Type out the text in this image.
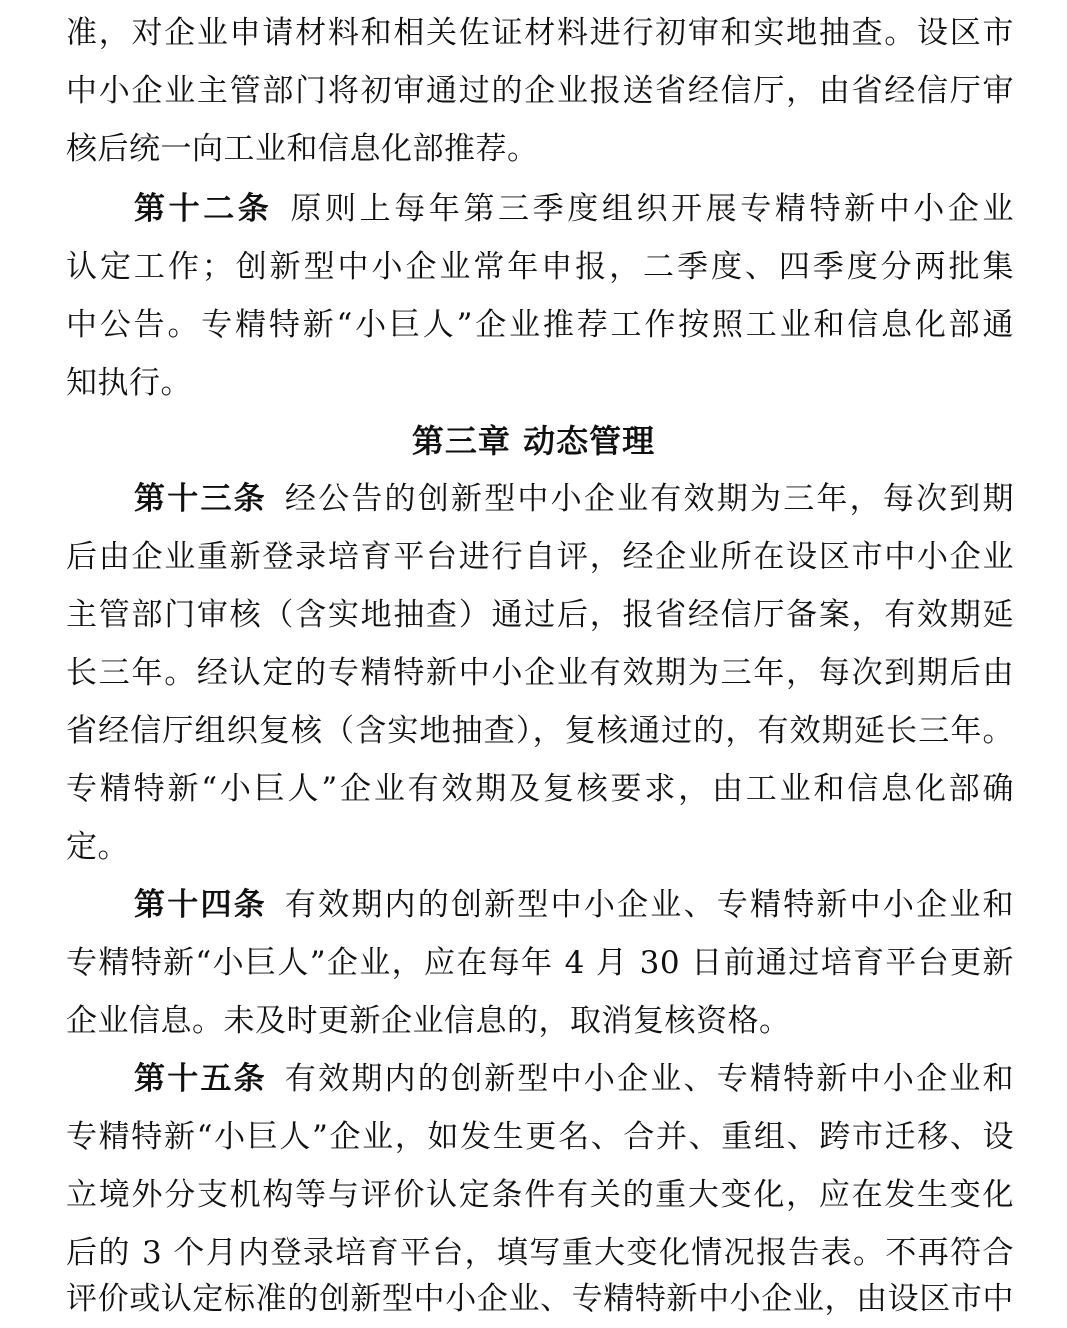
准，对企业申请材料和相关佐证材料进行初审和实地抽查。设区市
中小企业主管部门将初审通过的企业报送省经信厅，由省经信厅审
核后统一向工业和信息化部推荐。
第十二条 原则上每年第三季度组织开展专精特新中小企业
认定工作；创新型中小企业常年申报，二季度、四季度分两批集
中公告。专精特新“小巨人”企业推荐工作按照工业和信息化部通
知执行。
第三章 动态管理
第十三条 经公告的创新型中小企业有效期为三年，每次到期
后由企业重新登录培育平台进行自评，经企业所在设区市中小企业
主管部门审核（含实地抽查）通过后，报省经信厅备案，有效期延
长三年。经认定的专精特新中小企业有效期为三年，每次到期后由
省经信厅组织复核（含实地抽查），复核通过的，有效期延长三年。
专精特新“小巨人”企业有效期及复核要求，由工业和信息化部确
定。
第十四条 有效期内的创新型中小企业、专精特新中小企业和
专精特新“小巨人”企业，应在每年 4 月 30 日前通过培育平台更新
企业信息。未及时更新企业信息的，取消复核资格。
第十五条 有效期内的创新型中小企业、专精特新中小企业和
专精特新“小巨人”企业，如发生更名、合并、重组、跨市迁移、设
立境外分支机构等与评价认定条件有关的重大变化，应在发生变化
后的 3 个月内登录培育平台，填写重大变化情况报告表。不再符合
评价或认定标准的创新型中小企业、专精特新中小企业，由设区市中
